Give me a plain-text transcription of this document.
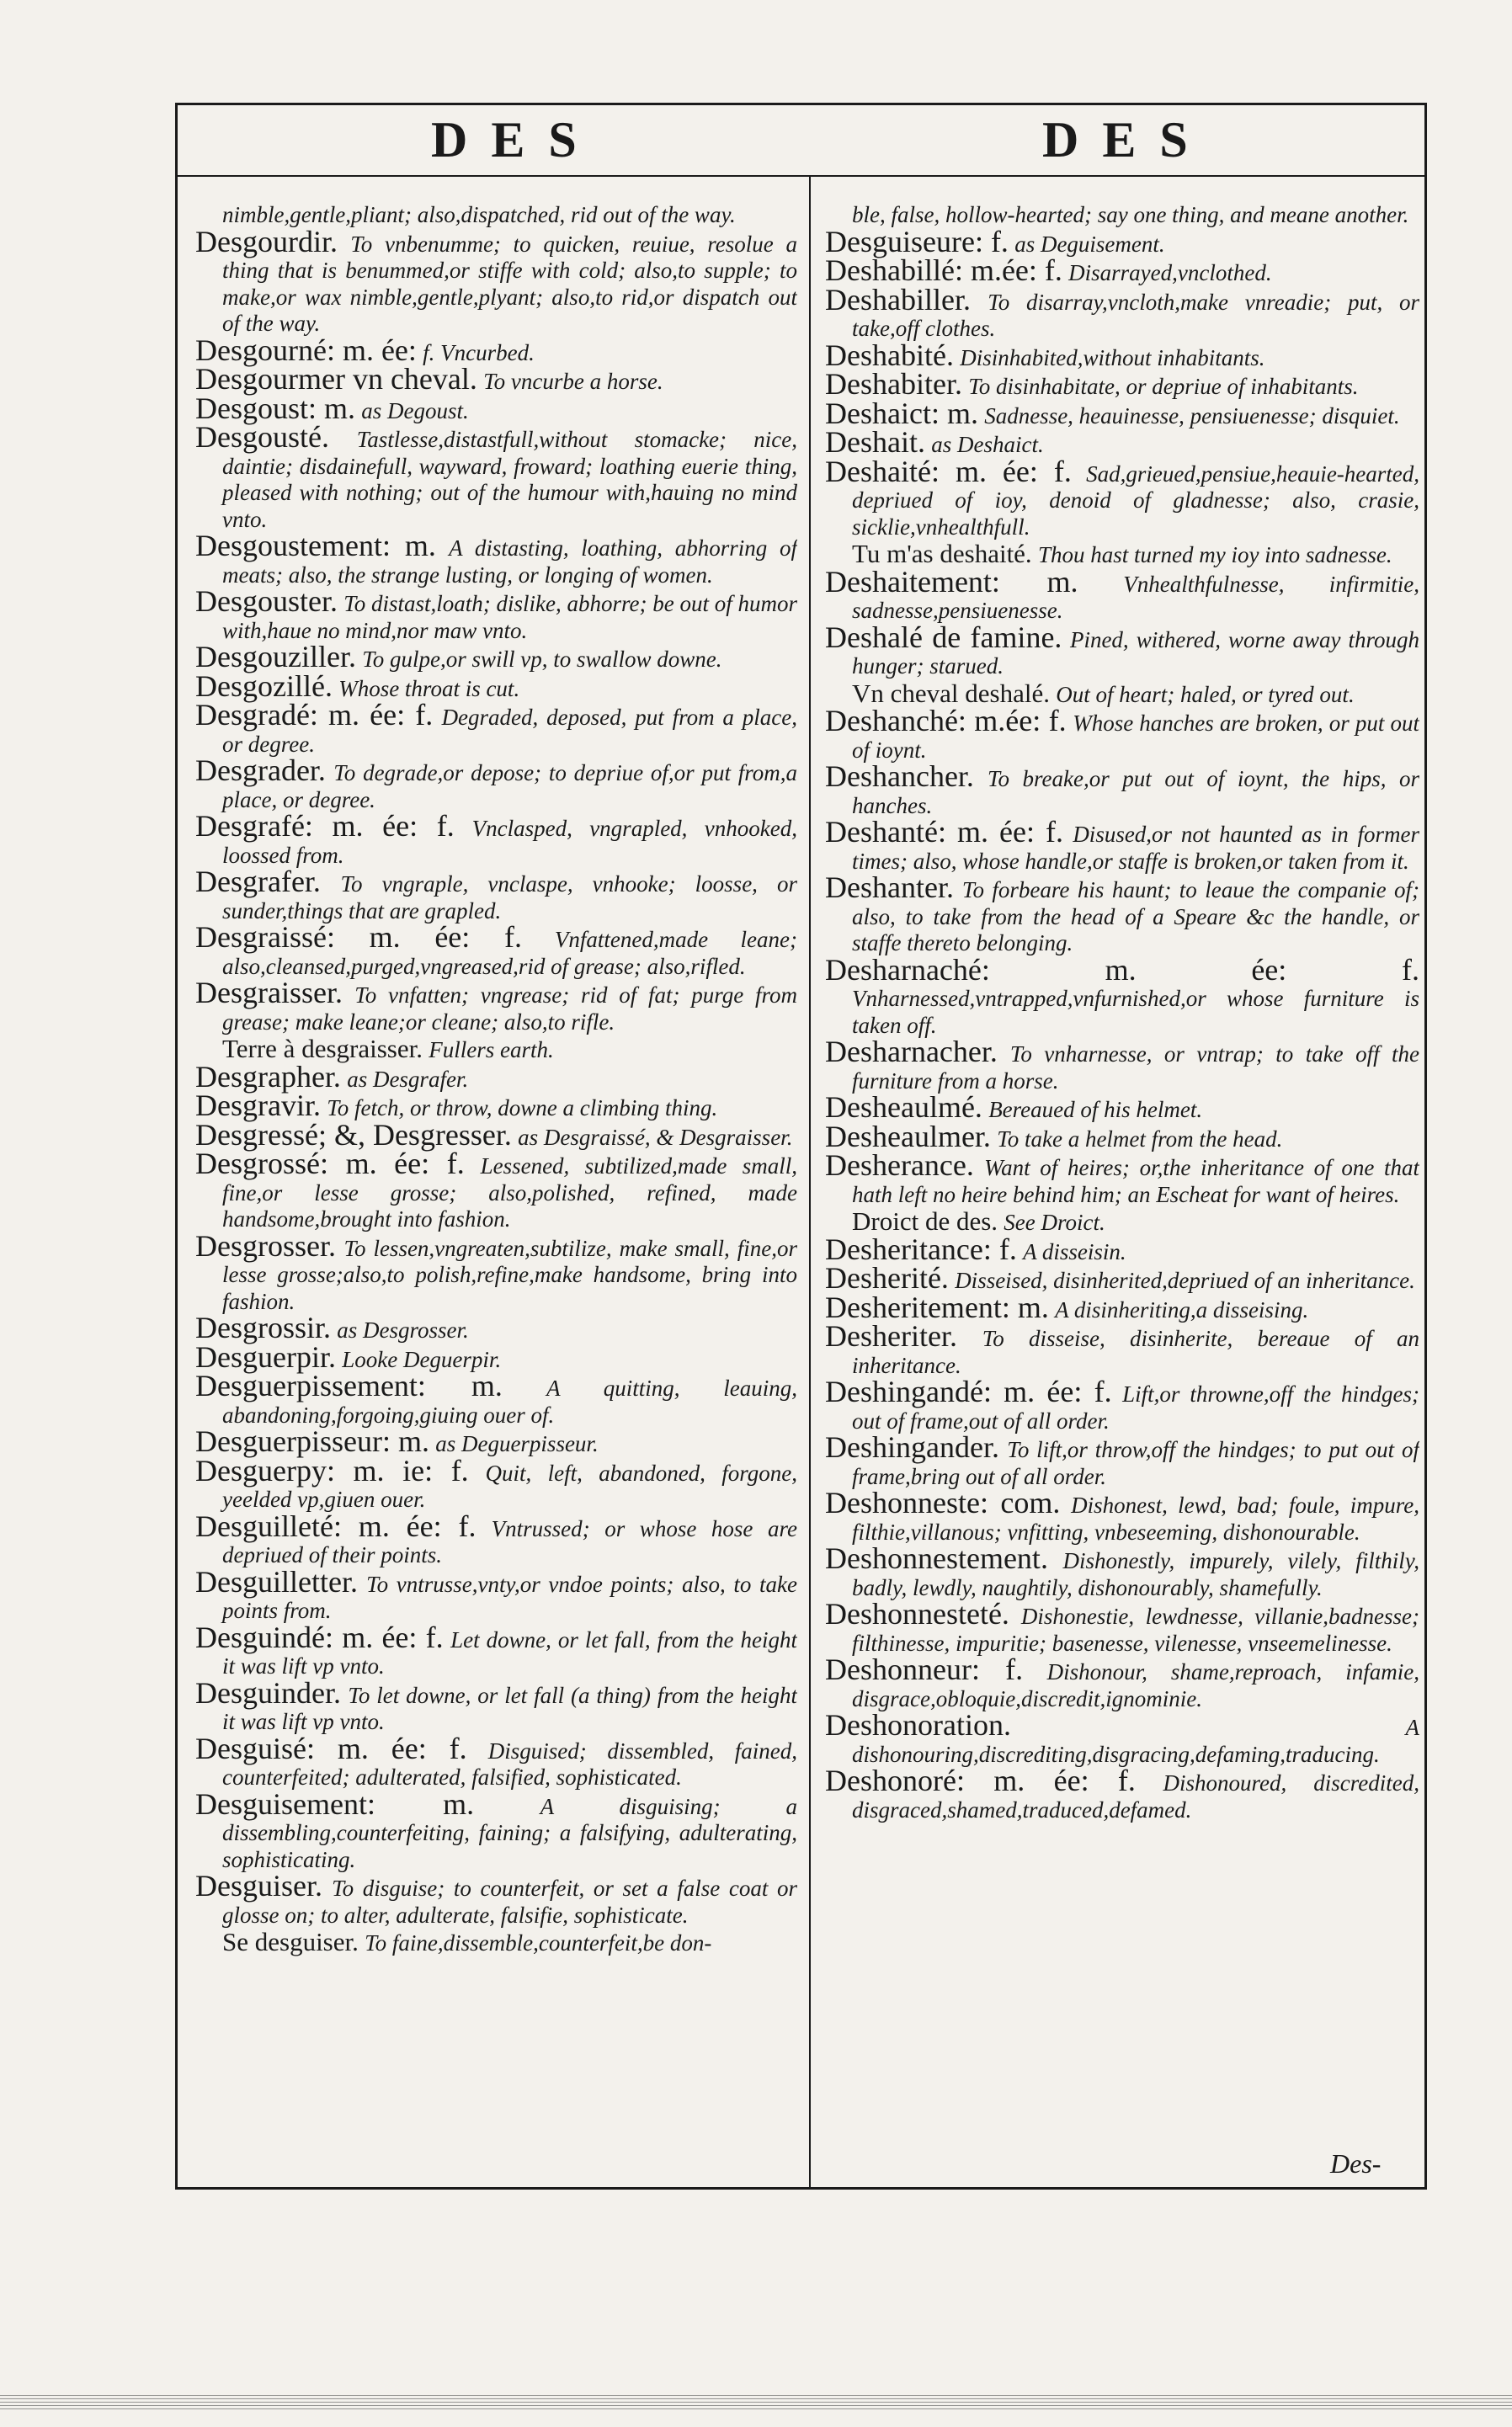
DES	DES

nimble,gentle,pliant; also,dispatched, rid out of the way.

Desgourdir. To vnbenumme; to quicken, reuiue, resolue a thing that is benummed,or stiffe with cold; also,to supple; to make,or wax nimble,gentle,plyant; also,to rid,or dispatch out of the way.

Desgourné: m. ée: f. Vncurbed.

Desgourmer vn cheval. To vncurbe a horse.

Desgoust: m. as Degoust.

Desgousté. Tastlesse,distastfull,without stomacke; nice, daintie; disdainefull, wayward, froward; loathing euerie thing, pleased with nothing; out of the humour with,hauing no mind vnto.

Desgoustement: m. A distasting, loathing, abhorring of meats; also, the strange lusting, or longing of women.

Desgouster. To distast,loath; dislike, abhorre; be out of humor with,haue no mind,nor maw vnto.

Desgouziller. To gulpe,or swill vp, to swallow downe.

Desgozillé. Whose throat is cut.

Desgradé: m. ée: f. Degraded, deposed, put from a place, or degree.

Desgrader. To degrade,or depose; to depriue of,or put from,a place, or degree.

Desgrafé: m. ée: f. Vnclasped, vngrapled, vnhooked, loossed from.

Desgrafer. To vngraple, vnclaspe, vnhooke; loosse, or sunder,things that are grapled.

Desgraissé: m. ée: f. Vnfattened,made leane; also,cleansed,purged,vngreased,rid of grease; also,rifled.

Desgraisser. To vnfatten; vngrease; rid of fat; purge from grease; make leane;or cleane; also,to rifle.

Terre à desgraisser. Fullers earth.

Desgrapher. as Desgrafer.

Desgravir. To fetch, or throw, downe a climbing thing.

Desgressé; &, Desgresser. as Desgraissé, & Desgraisser.

Desgrossé: m. ée: f. Lessened, subtilized,made small, fine,or lesse grosse; also,polished, refined, made handsome,brought into fashion.

Desgrosser. To lessen,vngreaten,subtilize, make small, fine,or lesse grosse;also,to polish,refine,make handsome, bring into fashion.

Desgrossir. as Desgrosser.

Desguerpir. Looke Deguerpir.

Desguerpissement: m. A quitting, leauing, abandoning,forgoing,giuing ouer of.

Desguerpisseur: m. as Deguerpisseur.

Desguerpy: m. ie: f. Quit, left, abandoned, forgone, yeelded vp,giuen ouer.

Desguilleté: m. ée: f. Vntrussed; or whose hose are depriued of their points.

Desguilletter. To vntrusse,vnty,or vndoe points; also, to take points from.

Desguindé: m. ée: f. Let downe, or let fall, from the height it was lift vp vnto.

Desguinder. To let downe, or let fall (a thing) from the height it was lift vp vnto.

Desguisé: m. ée: f. Disguised; dissembled, fained, counterfeited; adulterated, falsified, sophisticated.

Desguisement: m.	A disguising; a dissembling,counterfeiting, faining; a falsifying, adulterating, sophisticating.

Desguiser. To disguise; to counterfeit, or set a false coat or glosse on; to alter, adulterate, falsifie, sophisticate.

Se desguiser. To faine,dissemble,counterfeit,be don-

ble, false, hollow-hearted; say one thing, and meane another.

Desguiseure: f. as Deguisement.

Deshabillé: m.ée: f. Disarrayed,vnclothed.

Deshabiller. To disarray,vncloth,make vnreadie; put, or take,off clothes.

Deshabité. Disinhabited,without inhabitants.

Deshabiter. To disinhabitate, or depriue of inhabitants.

Deshaict: m. Sadnesse, heauinesse, pensiuenesse; disquiet.

Deshait. as Deshaict.

Deshaité: m. ée: f. Sad,grieued,pensiue,heauie-hearted, depriued of ioy, denoid of gladnesse; also, crasie, sicklie,vnhealthfull.

Tu m'as deshaité. Thou hast turned my ioy into sadnesse.

Deshaitement: m. Vnhealthfulnesse, infirmitie, sadnesse,pensiuenesse.

Deshalé de famine. Pined, withered, worne away through hunger; starued.

Vn cheval deshalé. Out of heart; haled, or tyred out.

Deshanché: m.ée: f. Whose hanches are broken, or put out of ioynt.

Deshancher. To breake,or put out of ioynt, the hips, or hanches.

Deshanté: m. ée: f. Disused,or not haunted as in former times; also, whose handle,or staffe is broken,or taken from it.

Deshanter. To forbeare his haunt; to leaue the companie of; also, to take from the head of a Speare &c the handle, or staffe thereto belonging.

Desharnaché: m. ée: f. Vnharnessed,vntrapped,vnfurnished,or whose furniture is taken off.

Desharnacher. To vnharnesse, or vntrap; to take off the furniture from a horse.

Desheaulmé. Bereaued of his helmet.

Desheaulmer. To take a helmet from the head.

Desherance. Want of heires; or,the inheritance of one that hath left no heire behind him; an Escheat for want of heires.

Droict de des. See Droict.

Desheritance: f. A disseisin.

Desherité. Disseised, disinherited,depriued of an inheritance.

Desheritement: m. A disinheriting,a disseising.

Desheriter. To disseise, disinherite, bereaue of an inheritance.

Deshingandé: m. ée: f. Lift,or throwne,off the hindges; out of frame,out of all order.

Deshingander. To lift,or throw,off the hindges; to put out of frame,bring out of all order.

Deshonneste: com. Dishonest, lewd, bad; foule, impure, filthie,villanous; vnfitting, vnbeseeming, dishonourable.

Deshonnestement. Dishonestly, impurely, vilely, filthily, badly, lewdly, naughtily, dishonourably, shamefully.

Deshonnesteté. Dishonestie, lewdnesse, villanie,badnesse; filthinesse, impuritie; basenesse, vilenesse, vnseemelinesse.

Deshonneur: f. Dishonour, shame,reproach, infamie, disgrace,obloquie,discredit,ignominie.

Deshonoration.	A dishonouring,discrediting,disgracing,defaming,traducing.

Deshonoré: m. ée: f. Dishonoured, discredited, disgraced,shamed,traduced,defamed.

Des-
